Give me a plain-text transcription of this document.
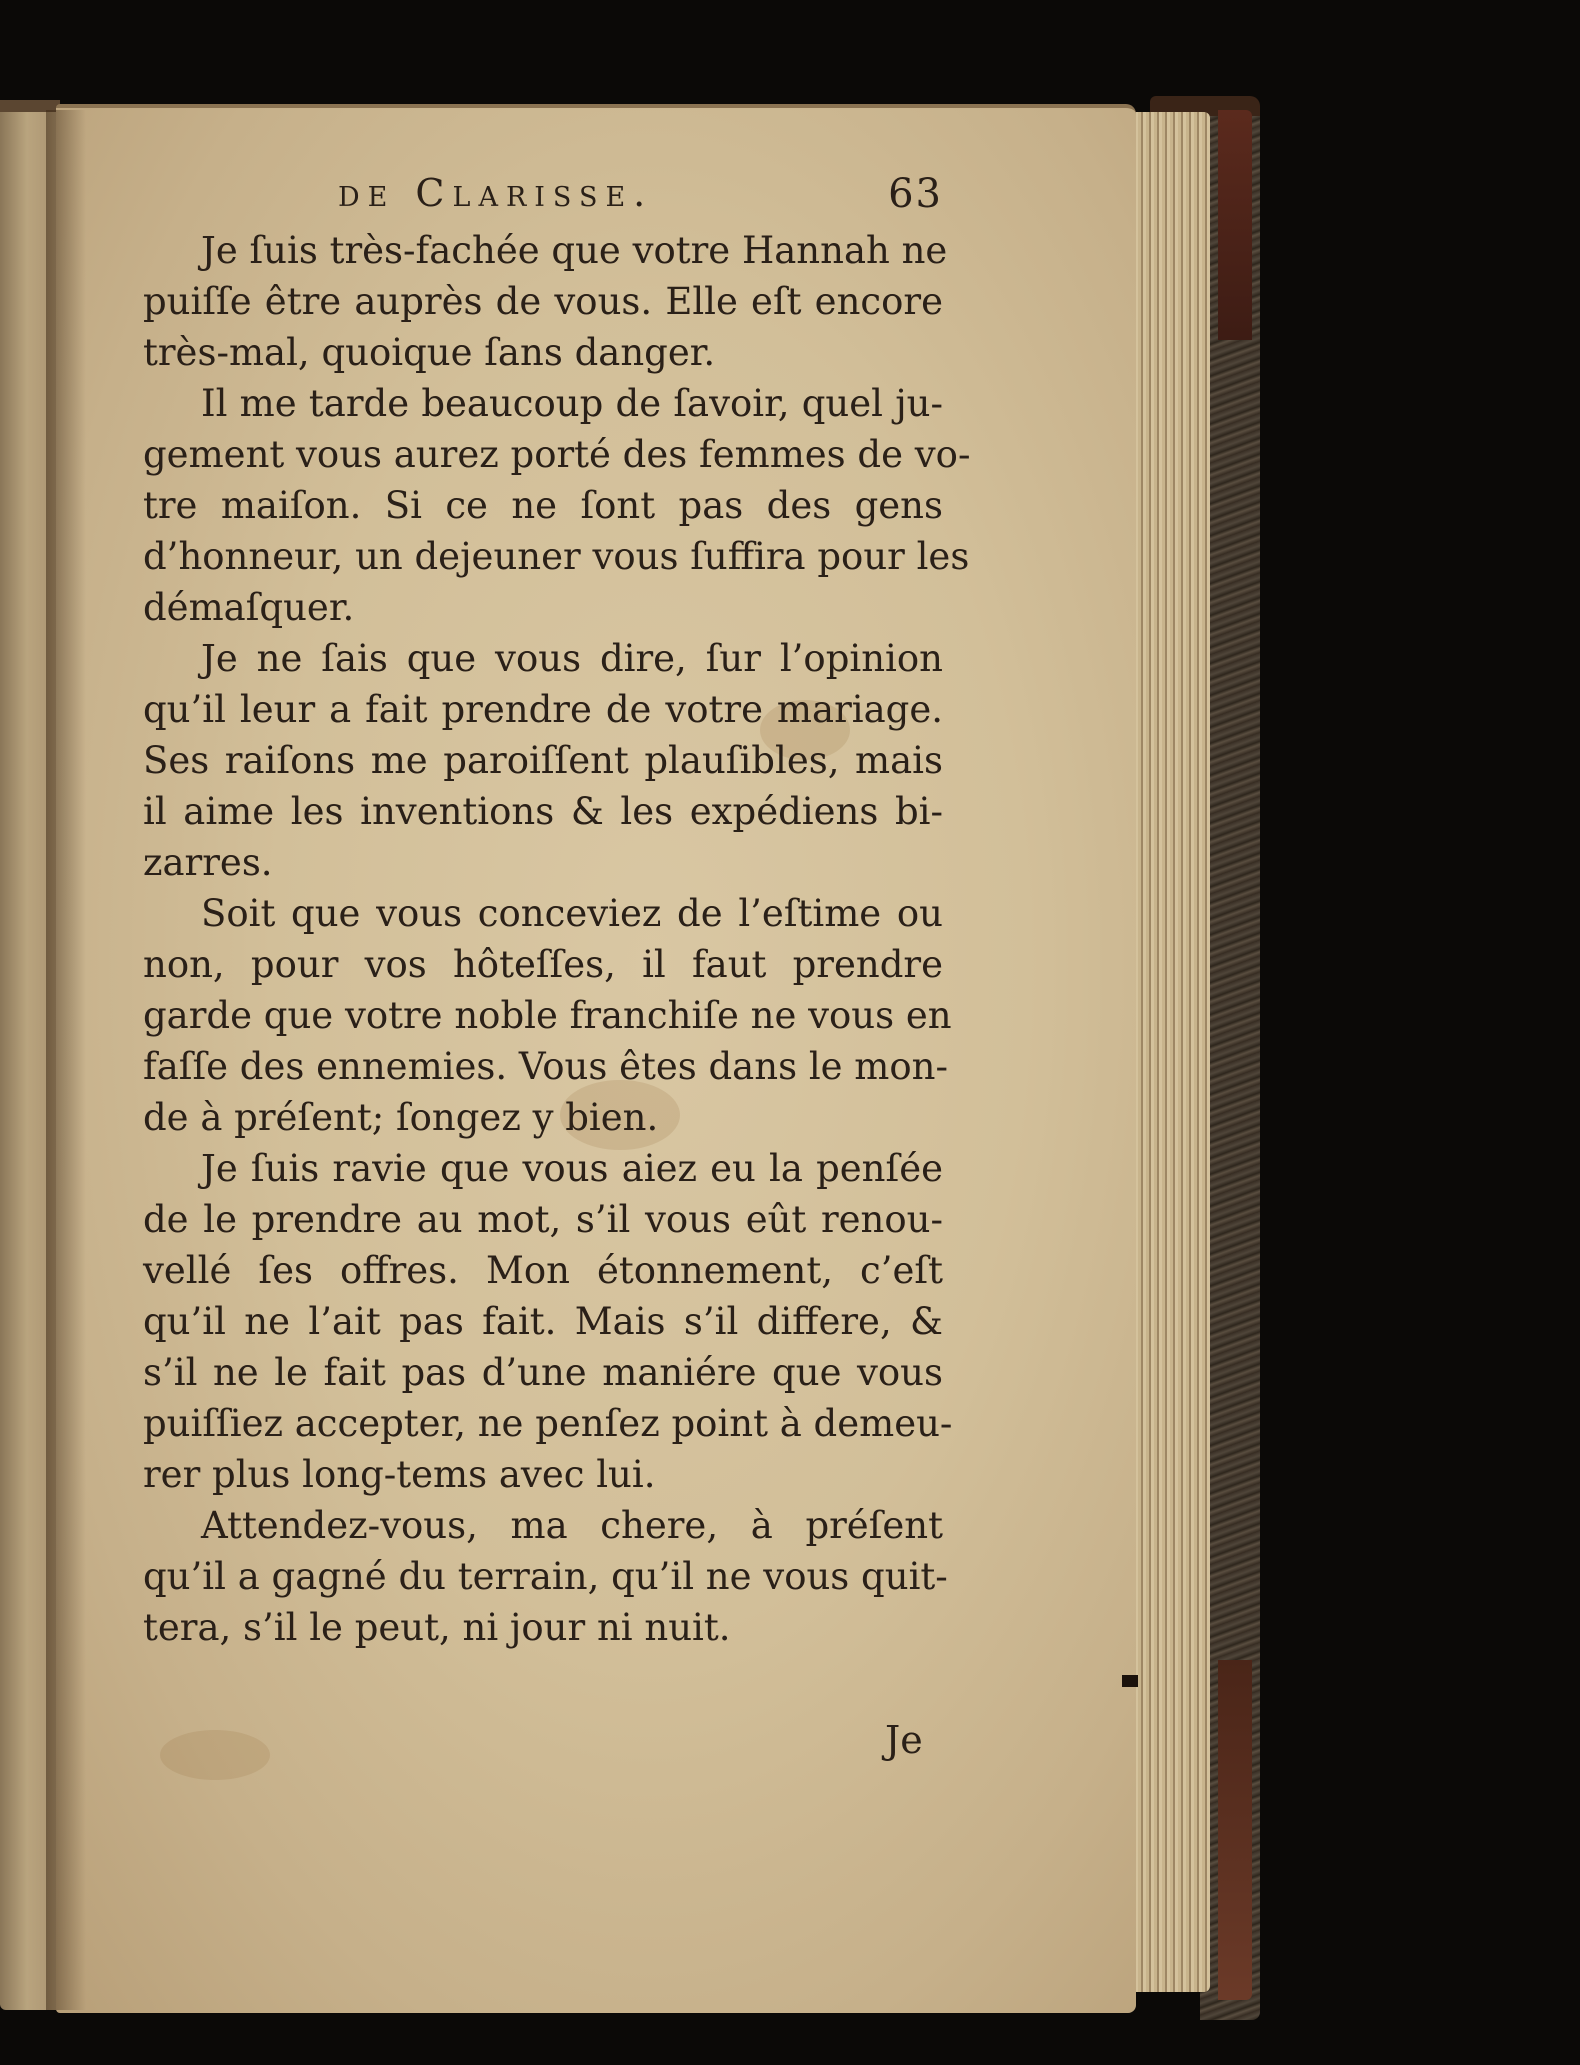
de Clarisse.	63

Je ſuis très-fachée que votre Hannah ne
puiſſe être auprès de vous. Elle eſt encore
très-mal, quoique ſans danger.

Il me tarde beaucoup de ſavoir, quel ju-
gement vous aurez porté des femmes de vo-
tre maiſon. Si ce ne ſont pas des gens
d’honneur, un dejeuner vous ſuffira pour les
démaſquer.

Je ne ſais que vous dire, ſur l’opinion
qu’il leur a fait prendre de votre mariage.
Ses raiſons me paroiſſent plauſibles, mais
il aime les inventions & les expédiens bi-
zarres.

Soit que vous conceviez de l’eſtime ou
non, pour vos hôteſſes, il faut prendre
garde que votre noble franchiſe ne vous en
faſſe des ennemies. Vous êtes dans le mon-
de à préſent; ſongez y bien.

Je ſuis ravie que vous aiez eu la penſée
de le prendre au mot, s’il vous eût renou-
vellé ſes offres. Mon étonnement, c’eſt
qu’il ne l’ait pas fait. Mais s’il differe, &
s’il ne le fait pas d’une maniére que vous
puiſſiez accepter, ne penſez point à demeu-
rer plus long-tems avec lui.

Attendez-vous, ma chere, à préſent
qu’il a gagné du terrain, qu’il ne vous quit-
tera, s’il le peut, ni jour ni nuit.

Je
